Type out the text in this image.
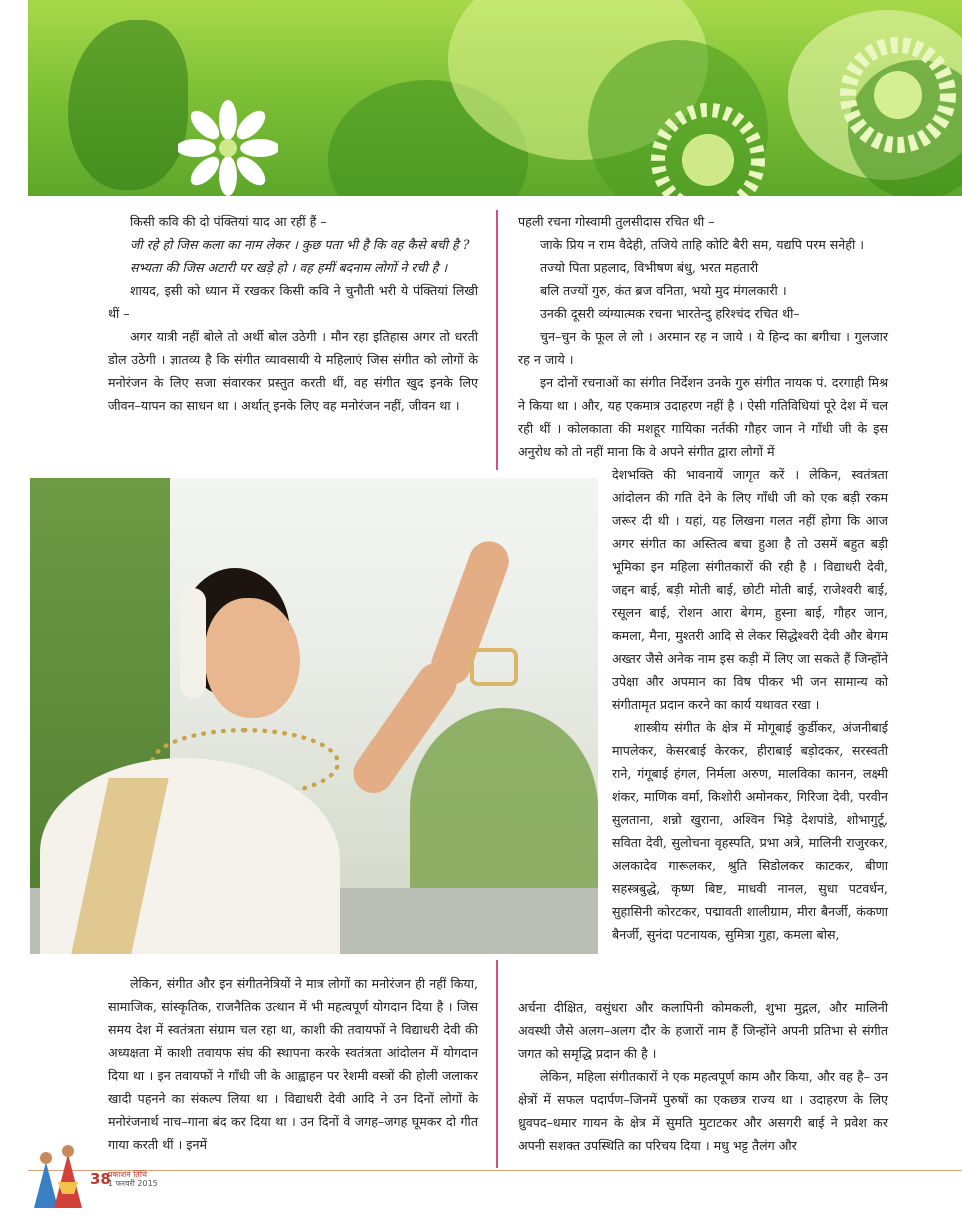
किसी कवि की दो पंक्तियां याद आ रहीं हैं –

जी रहे हो जिस कला का नाम लेकर । कुछ पता भी है कि वह कैसे बची है ?

सभ्यता की जिस अटारी पर खड़े हो । वह हमीं बदनाम लोगों ने रची है ।

शायद, इसी को ध्यान में रखकर किसी कवि ने चुनौती भरी ये पंक्तियां लिखी थीं –

अगर यात्री नहीं बोले तो अर्थी बोल उठेगी । मौन रहा इतिहास अगर तो धरती डोल उठेगी । ज्ञातव्य है कि संगीत व्यावसायी ये महिलाएं जिस संगीत को लोगों के मनोरंजन के लिए सजा संवारकर प्रस्तुत करती थीं, वह संगीत खुद इनके लिए जीवन–यापन का साधन था । अर्थात् इनके लिए वह मनोरंजन नहीं, जीवन था ।

पहली रचना गोस्वामी तुलसीदास रचित थी –

जाके प्रिय न राम वैदेही, तजिये ताहि कोटि बैरी सम, यद्यपि परम सनेही ।

तज्यो पिता प्रहलाद, विभीषण बंधु, भरत महतारी

बलि तज्यों गुरु, कंत ब्रज वनिता, भयो मुद मंगलकारी ।

उनकी दूसरी व्यंग्यात्मक रचना भारतेन्दु हरिश्चंद रचित थी–

चुन–चुन के फूल ले लो । अरमान रह न जाये । ये हिन्द का बगीचा । गुलजार रह न जाये ।

इन दोनों रचनाओं का संगीत निर्देशन उनके गुरु संगीत नायक पं. दरगाही मिश्र ने किया था । और, यह एकमात्र उदाहरण नहीं है । ऐसी गतिविधियां पूरे देश में चल रही थीं । कोलकाता की मशहूर गायिका नर्तकी गौहर जान ने गाँधी जी के इस अनुरोध को तो नहीं माना कि वे अपने संगीत द्वारा लोगों में

देशभक्ति की भावनायें जागृत करें । लेकिन, स्वतंत्रता आंदोलन की गति देने के लिए गाँधी जी को एक बड़ी रकम जरूर दी थी । यहां, यह लिखना गलत नहीं होगा कि आज अगर संगीत का अस्तित्व बचा हुआ है तो उसमें बहुत बड़ी भूमिका इन महिला संगीतकारों की रही है । विद्याधरी देवी, जद्दन बाई, बड़ी मोती बाई, छोटी मोती बाई, राजेश्वरी बाई, रसूलन बाई, रोशन आरा बेगम, हुस्ना बाई, गौहर जान, कमला, मैना, मुश्तरी आदि से लेकर सिद्धेश्वरी देवी और बेगम अख्तर जैसे अनेक नाम इस कड़ी में लिए जा सकते हैं जिन्होंने उपेक्षा और अपमान का विष पीकर भी जन सामान्य को संगीतामृत प्रदान करने का कार्य यथावत रखा ।

शास्त्रीय संगीत के क्षेत्र में मोगूबाई कुर्डीकर, अंजनीबाई मापलेकर, केसरबाई केरकर, हीराबाई बड़ोदकर, सरस्वती राने, गंगूबाई हंगल, निर्मला अरुण, मालविका कानन, लक्ष्मी शंकर, माणिक वर्मा, किशोरी अमोनकर, गिरिजा देवी, परवीन सुलताना, शन्नो खुराना, अश्विन भिड़े देशपांडे, शोभागुर्टू, सविता देवी, सुलोचना वृहस्पति, प्रभा अत्रे, मालिनी राजुरकर, अलकादेव गारूलकर, श्रुति सिडोलकर काटकर, बीणा सहस्त्रबुद्धे, कृष्ण बिष्ट, माधवी नानल, सुधा पटवर्धन, सुहासिनी कोरटकर, पद्मावती शालीग्राम, मीरा बैनर्जी, कंकणा बैनर्जी, सुनंदा पटनायक, सुमित्रा गुहा, कमला बोस,

लेकिन, संगीत और इन संगीतनेत्रियों ने मात्र लोगों का मनोरंजन ही नहीं किया, सामाजिक, सांस्कृतिक, राजनैतिक उत्थान में भी महत्वपूर्ण योगदान दिया है । जिस समय देश में स्वतंत्रता संग्राम चल रहा था, काशी की तवायफों ने विद्याधरी देवी की अध्यक्षता में काशी तवायफ संघ की स्थापना करके स्वतंत्रता आंदोलन में योगदान दिया था । इन तवायफों ने गाँधी जी के आह्वाहन पर रेशमी वस्त्रों की होली जलाकर खादी पहनने का संकल्प लिया था । विद्याधरी देवी आदि ने उन दिनों लोगों के मनोरंजनार्थ नाच–गाना बंद कर दिया था । उन दिनों वे जगह–जगह घूमकर दो गीत गाया करती थीं । इनमें

अर्चना दीक्षित, वसुंधरा और कलापिनी कोमकली, शुभा मुद्गल, और मालिनी अवस्थी जैसे अलग–अलग दौर के हजारों नाम हैं जिन्होंने अपनी प्रतिभा से संगीत जगत को समृद्धि प्रदान की है ।

लेकिन, महिला संगीतकारों ने एक महत्वपूर्ण काम और किया, और वह है– उन क्षेत्रों में सफल पदार्पण–जिनमें पुरुषों का एकछत्र राज्य था । उदाहरण के लिए ध्रुवपद–धमार गायन के क्षेत्र में सुमति मुटाटकर और असगरी बाई ने प्रवेश कर अपनी सशक्त उपस्थिति का परिचय दिया । मधु भट्ट तैलंग और

38
प्रकाशन तिथि
1 फरवरी 2015
